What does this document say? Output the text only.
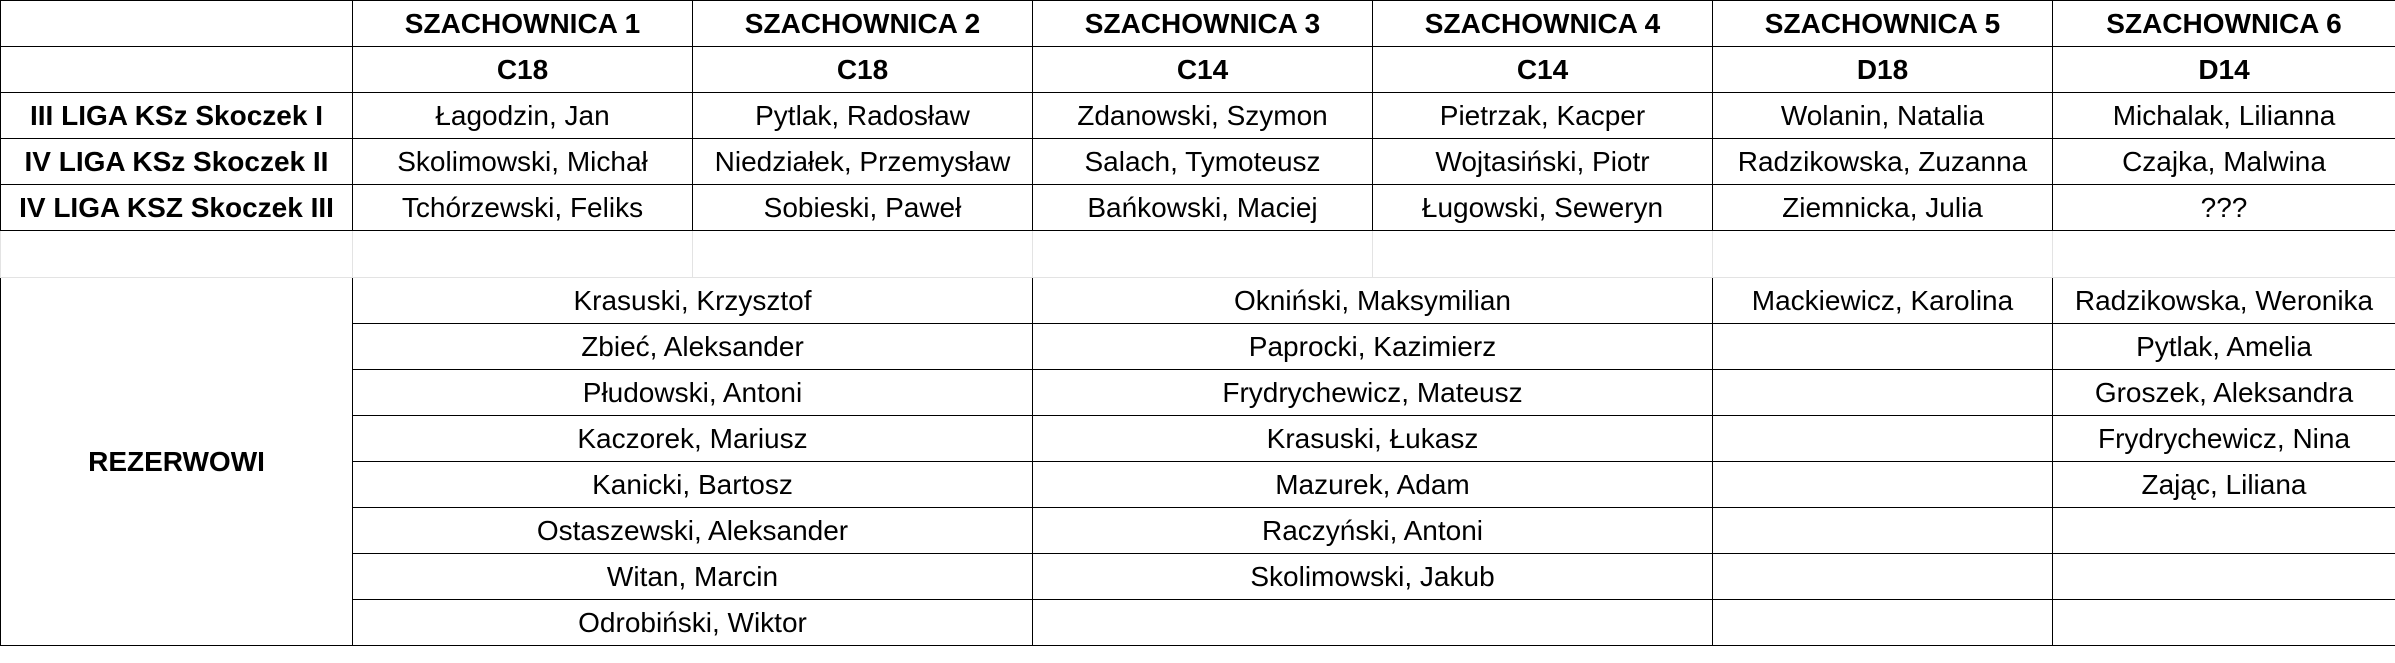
	SZACHOWNICA 1	SZACHOWNICA 2	SZACHOWNICA 3	SZACHOWNICA 4	SZACHOWNICA 5	SZACHOWNICA 6
	C18	C18	C14	C14	D18	D14
III LIGA KSz Skoczek I	Łagodzin, Jan	Pytlak, Radosław	Zdanowski, Szymon	Pietrzak, Kacper	Wolanin, Natalia	Michalak, Lilianna
IV LIGA KSz Skoczek II	Skolimowski, Michał	Niedziałek, Przemysław	Salach, Tymoteusz	Wojtasiński, Piotr	Radzikowska, Zuzanna	Czajka, Malwina
IV LIGA KSZ Skoczek III	Tchórzewski, Feliks	Sobieski, Paweł	Bańkowski, Maciej	Ługowski, Seweryn	Ziemnicka, Julia	???

REZERWOWI	Krasuski, Krzysztof		Okniński, Maksymilian		Mackiewicz, Karolina	Radzikowska, Weronika
	Zbieć, Aleksander		Paprocki, Kazimierz			Pytlak, Amelia
	Płudowski, Antoni		Frydrychewicz, Mateusz			Groszek, Aleksandra
	Kaczorek, Mariusz		Krasuski, Łukasz			Frydrychewicz, Nina
	Kanicki, Bartosz		Mazurek, Adam			Zając, Liliana
	Ostaszewski, Aleksander		Raczyński, Antoni			
	Witan, Marcin		Skolimowski, Jakub			
	Odrobiński, Wiktor					
